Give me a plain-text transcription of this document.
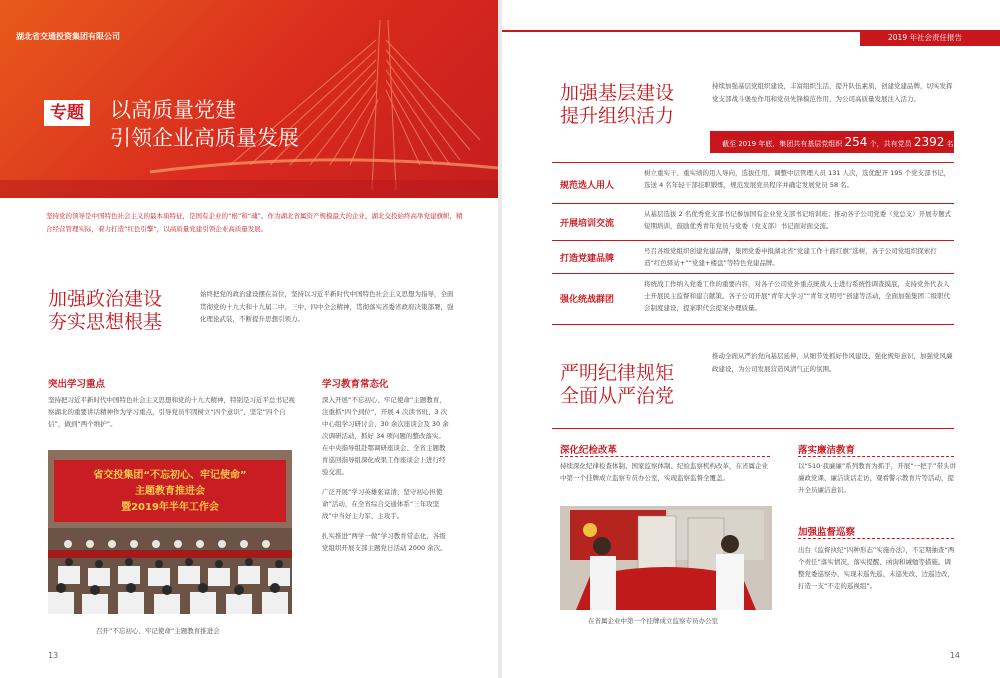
湖北省交通投资集团有限公司
专题 以高质量党建
引领企业高质量发展
坚持党的领导是中国特色社会主义的最本质特征，是国有企业的“根”和“魂”。作为湖北省属资产规模最大的企业，湖北交投始终高举党建旗帜，精合经营管理实际，着力打造“红色引擎”，以高质量党建引领企业高质量发展。
加强政治建设
夯实思想根基
始终把党的政治建设摆在首位，坚持以习近平新时代中国特色社会主义思想为指导，全面贯彻党的十九大和十九届二中、三中、四中全会精神，贯彻落实省委省政府决策部署，强化理论武装，不断提升思想引领力。
突出学习重点
坚持把习近平新时代中国特色社会主义思想和党的十九大精神，特别是习近平总书记视察湖北的重要讲话精神作为学习重点，引导党员牢固树立“四个意识”，坚定“四个自信”，做到“两个维护”。
省交投集团“不忘初心、牢记使命”
主题教育推进会
暨2019年半年工作会
召开“不忘初心、牢记使命”主题教育推进会
学习教育常态化

深入开展“不忘初心、牢记使命”主题教育，注重抓“四个到位”，开展 4 次读书班、3 次中心组学习研讨会、30 余次座谈会及 30 余次调研活动，抓好 34 项问题的整改落实。在中央指导组赴鄂调研座谈会、全省主题教育巡回指导组深化成果工作座谈会上进行经验交流。

广泛开展“学习英雄张富清、坚守初心担使命”活动，在全省综合交通体系“三年攻坚战”中当好主力军、主攻手。

扎实推进“两学一做”学习教育常态化，各级党组织开展支部主题党日活动 2000 余次。

13
2019 年社会责任报告
加强基层建设
提升组织活力
持续加强基层党组织建设，丰富组织生活，提升队伍素质，创建党建品牌，切实发挥党支部战斗堡垒作用和党员先锋模范作用，为公司高质量发展注入活力。
截至 2019 年底，集团共有基层党组织 254 个，共有党员 2392 名
规范选人用人
树立重实干、重实绩的用人导向，选拔任用、调整中层管理人员 131 人次，选优配齐 195 个党支部书记，选送 4 名年轻干部挂职锻炼，规范发展党员程序并确定发展党员 58 名。
开展培训交流
从基层选拔 2 名优秀党支部书记参加国有企业党支部书记培训班；推动各子公司党委（党总支）开展专题式短期培训，鼓励优秀青年党员与党委（党支部）书记面对面交流。
打造党建品牌
号召各级党组织创建党建品牌，集团党委申报湖北省“党建工作十面红旗”选树，各子公司党组织探索打造“红色驿站+”“党建+楼盘”等特色党建品牌。
强化统战群团
将统战工作纳入党委工作的重要内容，对各子公司党外重点统战人士进行系统性调查摸底，支持党外代表人士开展民主监督和建言献策。各子公司开展“青年大学习”“青年文明号”创建等活动，全面加强集团二级职代会制度建设，提案职代会提案办理质量。
严明纪律规矩
全面从严治党
推动全面从严治党向基层延伸，从细节处抓好作风建设、强化规矩意识，加强党风廉政建设，为公司发展营造风清气正的氛围。
深化纪检改革
持续深化纪律检查体制、国家监察体制、纪检监察机构改革，在省属企业中第一个挂牌成立监察专员办公室，实现监察监督全覆盖。
在省属企业中第一个挂牌成立监察专员办公室
落实廉洁教育
以“510·我廉廉”系列教育为抓手，开展“一把手”带头讲廉政党课、廉洁谈话走访、观看警示教育片等活动，提升全员廉洁意识。
加强监督巡察
出台《监督执纪“四种形态”实施办法》，不定期抽查“两个责任”落实情况，落实提醒、函询和诫勉等措施。调整党委巡察办，实现未巡先巡、未巡先改、边巡边改，打造一支“不走的巡视组”。
14
